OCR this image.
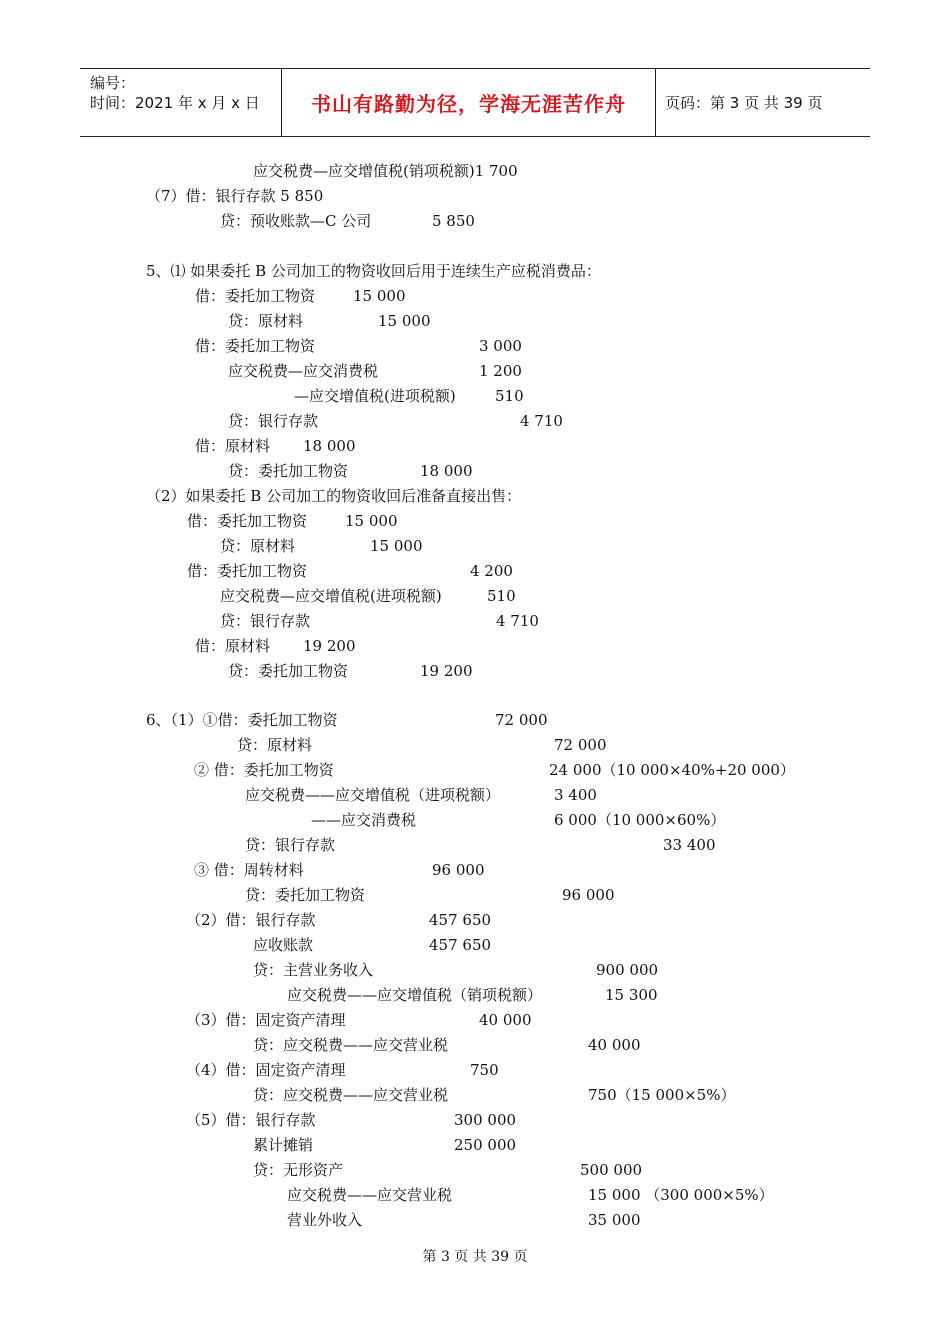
编号：
时间：2021 年 x 月 x 日	书山有路勤为径，学海无涯苦作舟	页码：第 3 页 共 39 页
应交税费—应交增值税(销项税额)1 700
（7）借：银行存款 5 850
贷：预收账款—C 公司	5 850
5、⑴ 如果委托 B 公司加工的物资收回后用于连续生产应税消费品：
借：委托加工物资	15 000
贷：原材料	15 000
借：委托加工物资	3 000
应交税费—应交消费税	1 200
—应交增值税(进项税额)	510
贷：银行存款	4 710
借：原材料 18 000
贷：委托加工物资	18 000
（2）如果委托 B 公司加工的物资收回后准备直接出售：
借：委托加工物资	15 000
贷：原材料	15 000
借：委托加工物资	4 200
应交税费—应交增值税(进项税额)	510
贷：银行存款	4 710
借：原材料 19 200
贷：委托加工物资	19 200
6、（1）①借：委托加工物资	72 000
贷：原材料	72 000
② 借：委托加工物资	24 000（10 000×40%+20 000）
应交税费——应交增值税（进项税额）	3 400
——应交消费税	6 000（10 000×60%）
贷：银行存款	33 400
③ 借：周转材料	96 000
贷：委托加工物资	96 000
（2）借：银行存款	457 650
应收账款	457 650
贷：主营业务收入	900 000
应交税费——应交增值税（销项税额）	15 300
（3）借：固定资产清理	40 000
贷：应交税费——应交营业税	40 000
（4）借：固定资产清理	750
贷：应交税费——应交营业税	750（15 000×5%）
（5）借：银行存款	300 000
累计摊销	250 000
贷：无形资产	500 000
应交税费——应交营业税	15 000 （300 000×5%）
营业外收入	35 000
第 3 页 共 39 页
